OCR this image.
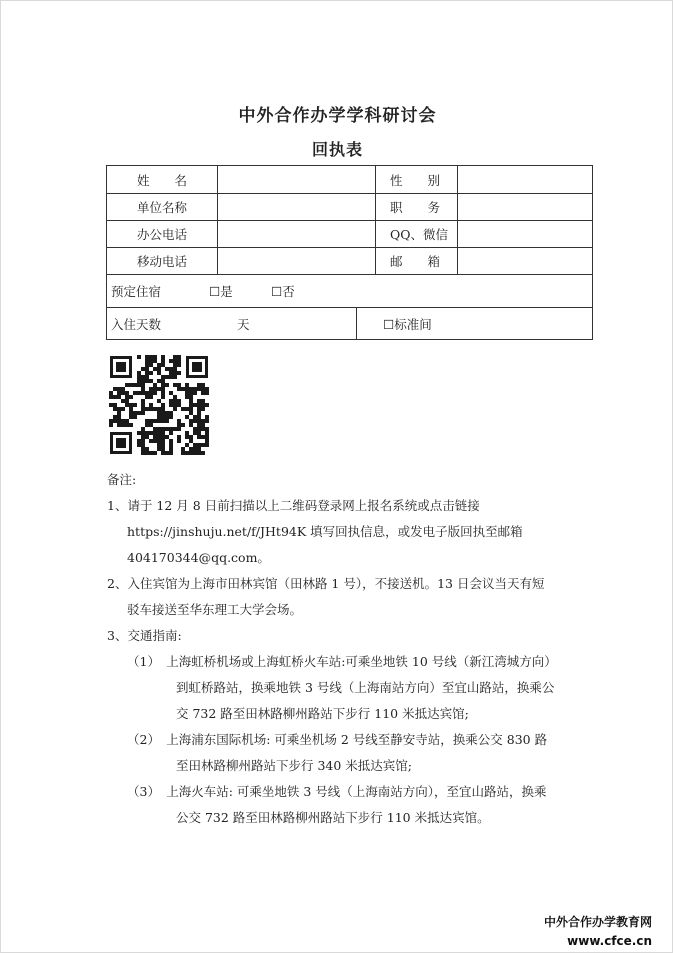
中外合作办学学科研讨会
回执表
姓　　名	性　　别
单位名称	职　　务
办公电话	QQ、微信
移动电话	邮　　箱
预定住宿	☐是	☐否
入住天数	天	☐标准间

备注:

1、请于 12 月 8 日前扫描以上二维码登录网上报名系统或点击链接

https://jinshuju.net/f/JHt94K 填写回执信息，或发电子版回执至邮箱

404170344@qq.com。

2、入住宾馆为上海市田林宾馆（田林路 1 号），不接送机。13 日会议当天有短

驳车接送至华东理工大学会场。

3、交通指南:

（1）　上海虹桥机场或上海虹桥火车站:可乘坐地铁 10 号线（新江湾城方向）

到虹桥路站，换乘地铁 3 号线（上海南站方向）至宜山路站，换乘公

交 732 路至田林路柳州路站下步行 110 米抵达宾馆;

（2）　上海浦东国际机场: 可乘坐机场 2 号线至静安寺站，换乘公交 830 路

至田林路柳州路站下步行 340 米抵达宾馆;

（3）　上海火车站: 可乘坐地铁 3 号线（上海南站方向），至宜山路站，换乘

公交 732 路至田林路柳州路站下步行 110 米抵达宾馆。

中外合作办学教育网
www.cfce.cn
